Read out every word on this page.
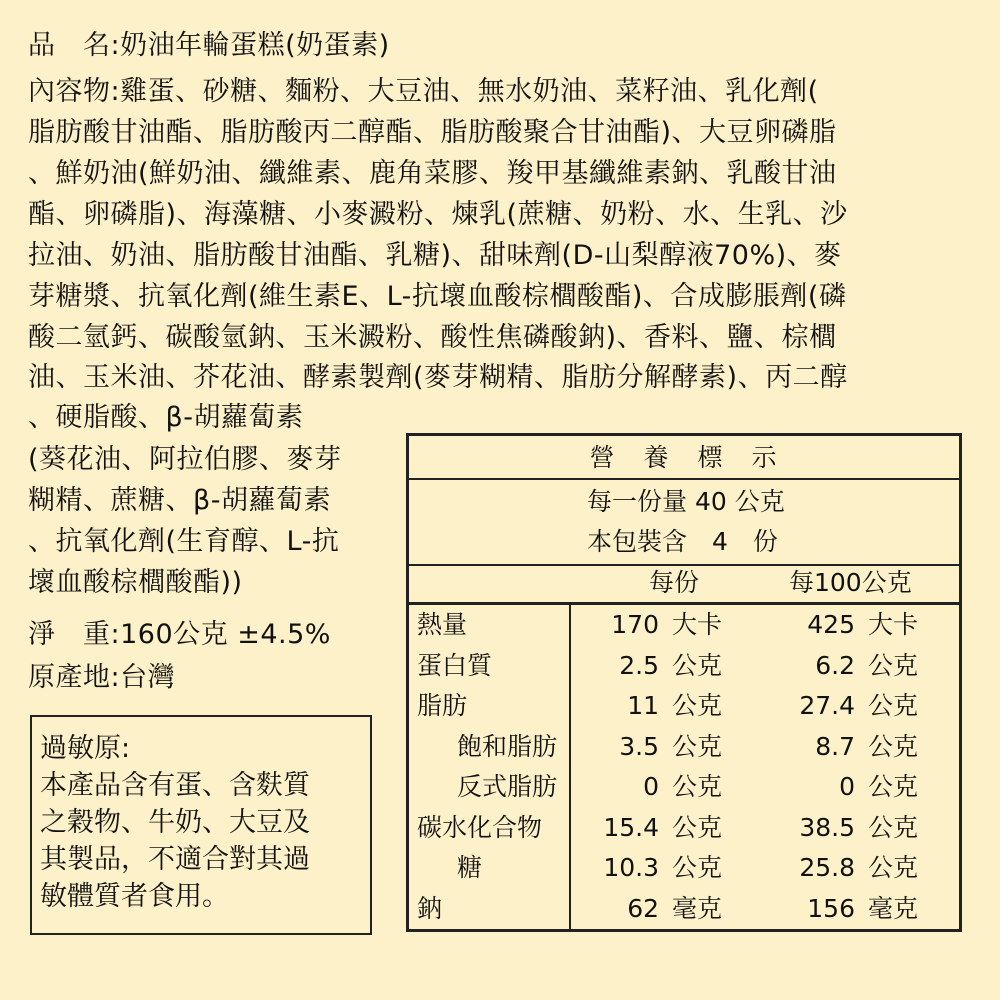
品　名:奶油年輪蛋糕(奶蛋素)
內容物:雞蛋、砂糖、麵粉、大豆油、無水奶油、菜籽油、乳化劑(
脂肪酸甘油酯、脂肪酸丙二醇酯、脂肪酸聚合甘油酯)、大豆卵磷脂
、鮮奶油(鮮奶油、纖維素、鹿角菜膠、羧甲基纖維素鈉、乳酸甘油
酯、卵磷脂)、海藻糖、小麥澱粉、煉乳(蔗糖、奶粉、水、生乳、沙
拉油、奶油、脂肪酸甘油酯、乳糖)、甜味劑(D-山梨醇液70%)、麥
芽糖漿、抗氧化劑(維生素E、L-抗壞血酸棕櫚酸酯)、合成膨脹劑(磷
酸二氫鈣、碳酸氫鈉、玉米澱粉、酸性焦磷酸鈉)、香料、鹽、棕櫚
油、玉米油、芥花油、酵素製劑(麥芽糊精、脂肪分解酵素)、丙二醇
、硬脂酸、β-胡蘿蔔素
(葵花油、阿拉伯膠、麥芽
糊精、蔗糖、β-胡蘿蔔素
、抗氧化劑(生育醇、L-抗
壞血酸棕櫚酸酯))
淨　重:160公克 ±4.5%
原產地:台灣
過敏原:
本產品含有蛋、含麩質
之穀物、牛奶、大豆及
其製品，不適合對其過
敏體質者食用。
營　養　標　示
每一份量 40 公克
本包裝含　4　份
每份	每100公克
熱量	170 大卡	425 大卡
蛋白質	2.5 公克	6.2 公克
脂肪	11 公克	27.4 公克
飽和脂肪	3.5 公克	8.7 公克
反式脂肪	0 公克	0 公克
碳水化合物	15.4 公克	38.5 公克
糖	10.3 公克	25.8 公克
鈉	62 毫克	156 毫克
